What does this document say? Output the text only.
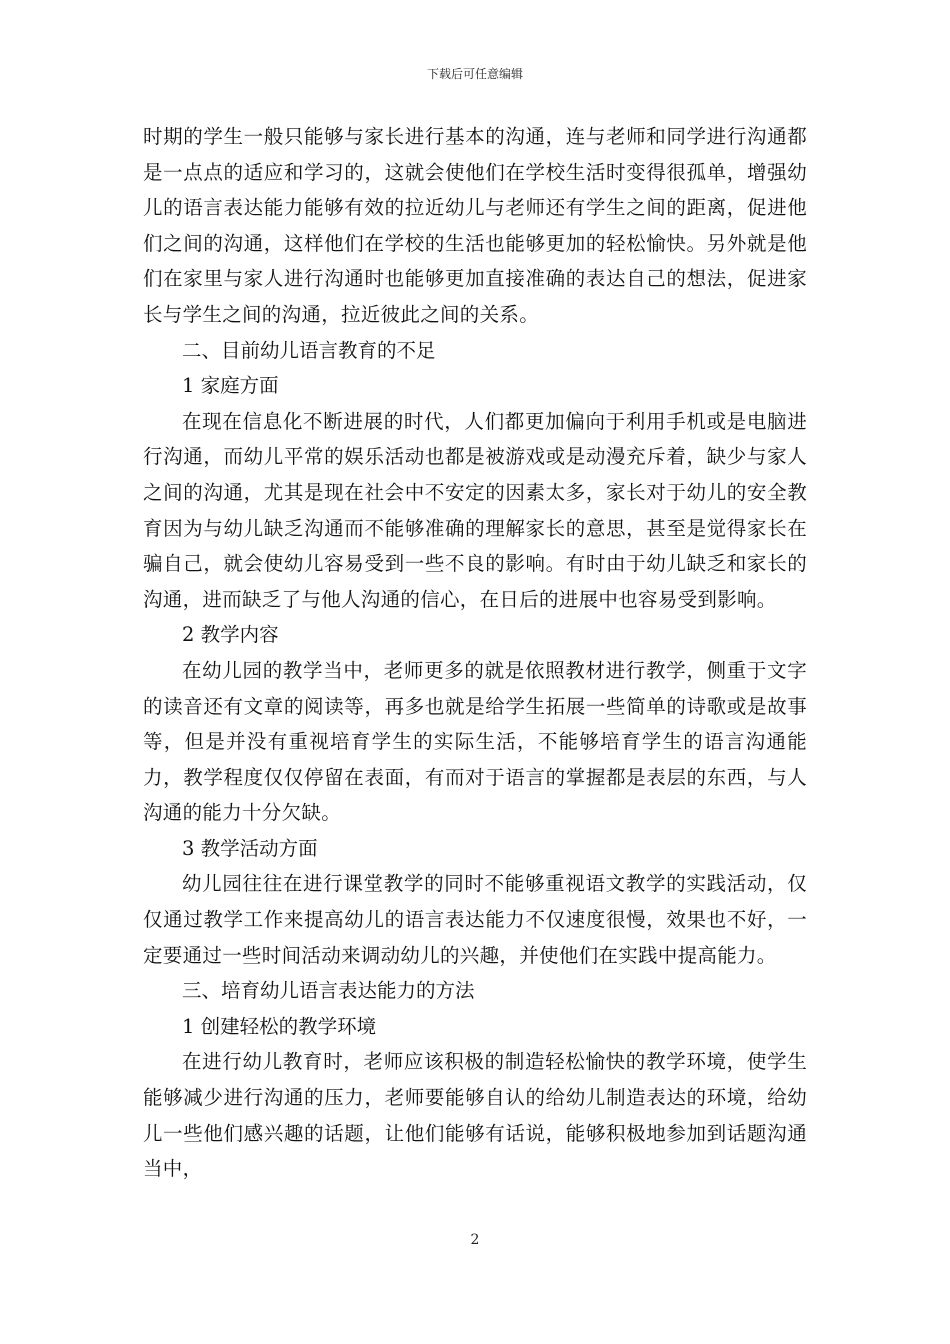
下载后可任意编辑

时期的学生一般只能够与家长进行基本的沟通，连与老师和同学进行沟通都是一点点的适应和学习的，这就会使他们在学校生活时变得很孤单，增强幼儿的语言表达能力能够有效的拉近幼儿与老师还有学生之间的距离，促进他们之间的沟通，这样他们在学校的生活也能够更加的轻松愉快。另外就是他们在家里与家人进行沟通时也能够更加直接准确的表达自己的想法，促进家长与学生之间的沟通，拉近彼此之间的关系。

二、目前幼儿语言教育的不足

1 家庭方面

在现在信息化不断进展的时代，人们都更加偏向于利用手机或是电脑进行沟通，而幼儿平常的娱乐活动也都是被游戏或是动漫充斥着，缺少与家人之间的沟通，尤其是现在社会中不安定的因素太多，家长对于幼儿的安全教育因为与幼儿缺乏沟通而不能够准确的理解家长的意思，甚至是觉得家长在骗自己，就会使幼儿容易受到一些不良的影响。有时由于幼儿缺乏和家长的沟通，进而缺乏了与他人沟通的信心，在日后的进展中也容易受到影响。

2 教学内容

在幼儿园的教学当中，老师更多的就是依照教材进行教学，侧重于文字的读音还有文章的阅读等，再多也就是给学生拓展一些简单的诗歌或是故事等，但是并没有重视培育学生的实际生活，不能够培育学生的语言沟通能力，教学程度仅仅停留在表面，有而对于语言的掌握都是表层的东西，与人沟通的能力十分欠缺。

3 教学活动方面

幼儿园往往在进行课堂教学的同时不能够重视语文教学的实践活动，仅仅通过教学工作来提高幼儿的语言表达能力不仅速度很慢，效果也不好，一定要通过一些时间活动来调动幼儿的兴趣，并使他们在实践中提高能力。

三、培育幼儿语言表达能力的方法

1 创建轻松的教学环境

在进行幼儿教育时，老师应该积极的制造轻松愉快的教学环境，使学生能够减少进行沟通的压力，老师要能够自认的给幼儿制造表达的环境，给幼儿一些他们感兴趣的话题，让他们能够有话说，能够积极地参加到话题沟通当中，

2
